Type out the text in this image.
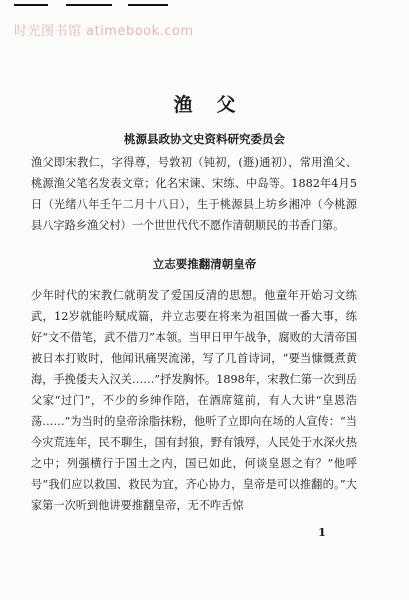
时光图书馆 atimebook.com
渔父
桃源县政协文史资料研究委员会

渔父即宋教仁，字得尊，号敦初（钝初，(遯)通初），常用渔父、桃源渔父笔名发表文章；化名宋谏、宋练、中岛等。1882年4月5日（光绪八年壬午二月十八日），生于桃源县上坊乡湘冲（今桃源县八字路乡渔父村）一个世世代代不愿作清朝顺民的书香门第。

立志要推翻清朝皇帝

少年时代的宋教仁就萌发了爱国反清的思想。他童年开始习文练武，12岁就能吟赋成篇，并立志要在将来为祖国做一番大事，练好“文不借笔，武不借刀”本领。当甲日甲午战争，腐败的大清帝国被日本打败时，他闻讯痛哭流涕，写了几首诗词，“要当慷慨煮黄海，手挽倭夫入汉关……”抒发胸怀。1898年，宋教仁第一次到岳父家“过门”，不少的乡绅作陪，在酒席筵前，有人大讲“皇恩浩荡……”为当时的皇帝涂脂抹粉，他听了立即向在场的人宣传：“当今灾荒连年，民不聊生，国有封狼，野有饿殍，人民处于水深火热之中；列强横行于国土之内，国已如此，何谈皇恩之有？”他呼号“我们应以救国、救民为宜，齐心协力，皇帝是可以推翻的。”大家第一次听到他讲要推翻皇帝，无不咋舌惊

1
